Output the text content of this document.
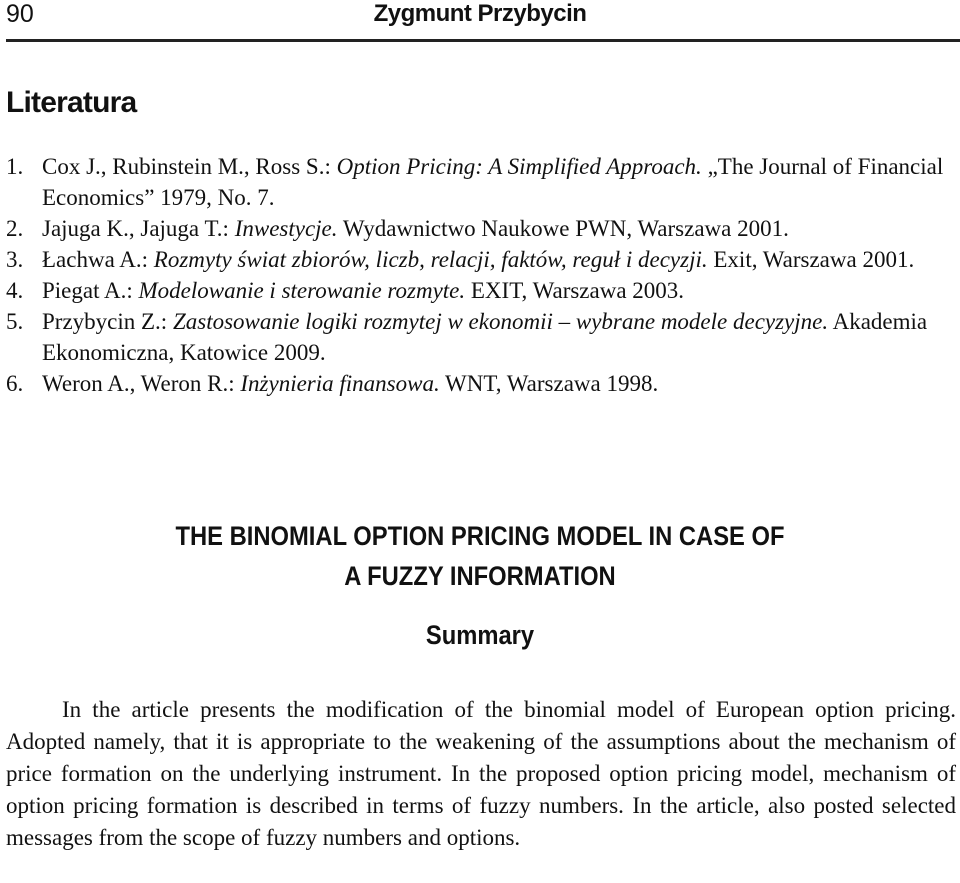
90	Zygmunt Przybycin
Literatura
1. Cox J., Rubinstein M., Ross S.: Option Pricing: A Simplified Approach. „The Journal of Financial Economics” 1979, No. 7.
2. Jajuga K., Jajuga T.: Inwestycje. Wydawnictwo Naukowe PWN, Warszawa 2001.
3. Łachwa A.: Rozmyty świat zbiorów, liczb, relacji, faktów, reguł i decyzji. Exit, Warszawa 2001.
4. Piegat A.: Modelowanie i sterowanie rozmyte. EXIT, Warszawa 2003.
5. Przybycin Z.: Zastosowanie logiki rozmytej w ekonomii – wybrane modele decyzyjne. Akademia Ekonomiczna, Katowice 2009.
6. Weron A., Weron R.: Inżynieria finansowa. WNT, Warszawa 1998.
THE BINOMIAL OPTION PRICING MODEL IN CASE OF
A FUZZY INFORMATION
Summary

In the article presents the modification of the binomial model of European option pricing. Adopted namely, that it is appropriate to the weakening of the assumptions about the mechanism of price formation on the underlying instrument. In the proposed option pricing model, mechanism of option pricing formation is described in terms of fuzzy numbers. In the article, also posted selected messages from the scope of fuzzy numbers and options.
